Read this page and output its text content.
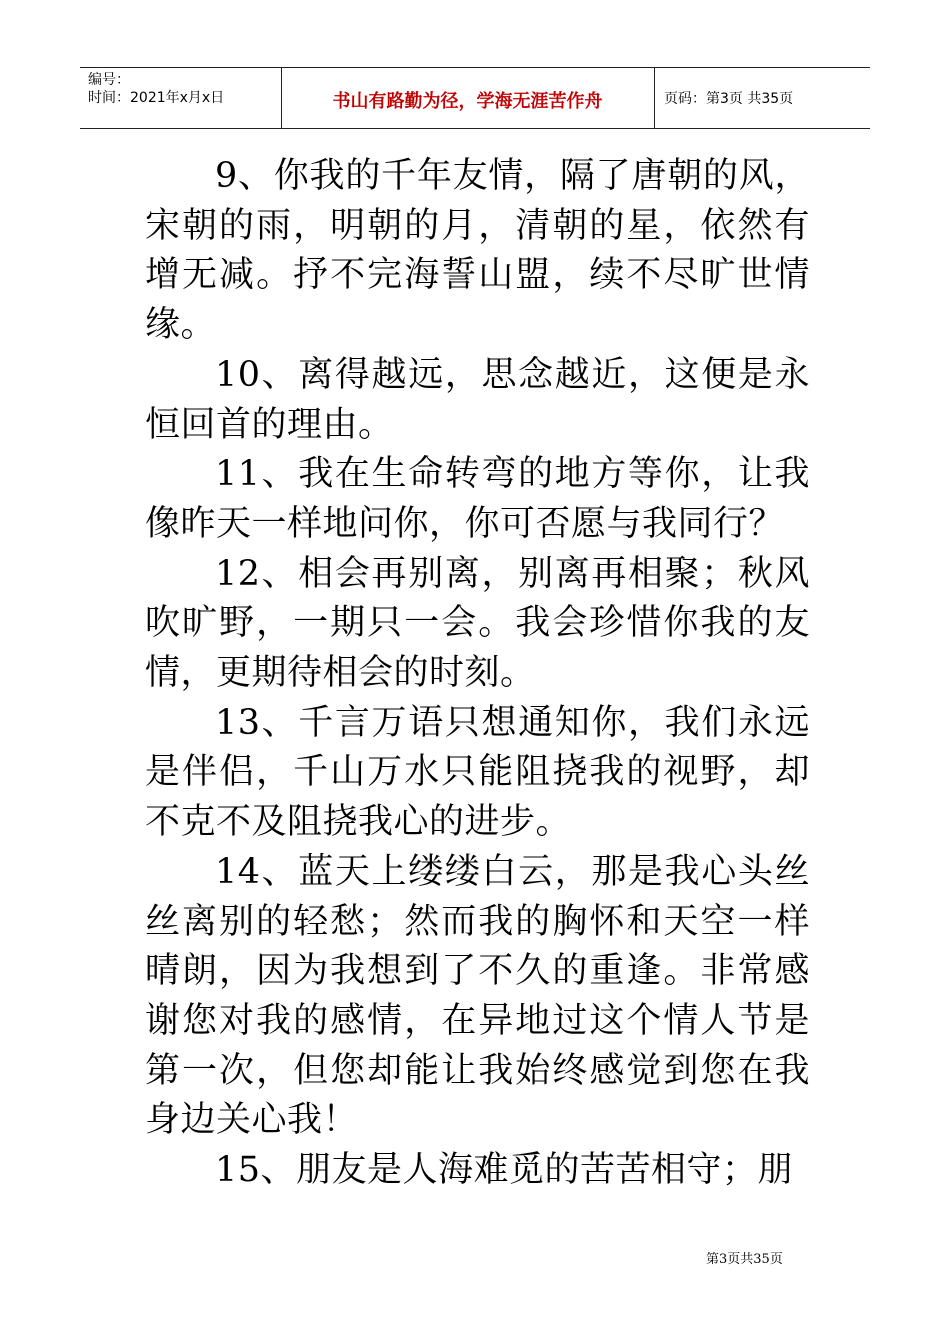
编号：
时间：2021年x月x日	书山有路勤为径，学海无涯苦作舟	页码：第3页 共35页

9、你我的千年友情，隔了唐朝的风，宋朝的雨，明朝的月，清朝的星，依然有增无减。抒不完海誓山盟，续不尽旷世情缘。

10、离得越远，思念越近，这便是永恒回首的理由。

11、我在生命转弯的地方等你，让我像昨天一样地问你，你可否愿与我同行？

12、相会再别离，别离再相聚；秋风吹旷野，一期只一会。我会珍惜你我的友情，更期待相会的时刻。

13、千言万语只想通知你，我们永远是伴侣，千山万水只能阻挠我的视野，却不克不及阻挠我心的进步。

14、蓝天上缕缕白云，那是我心头丝丝离别的轻愁；然而我的胸怀和天空一样晴朗，因为我想到了不久的重逢。非常感谢您对我的感情，在异地过这个情人节是第一次，但您却能让我始终感觉到您在我身边关心我！

15、朋友是人海难觅的苦苦相守；朋

第3页共35页
